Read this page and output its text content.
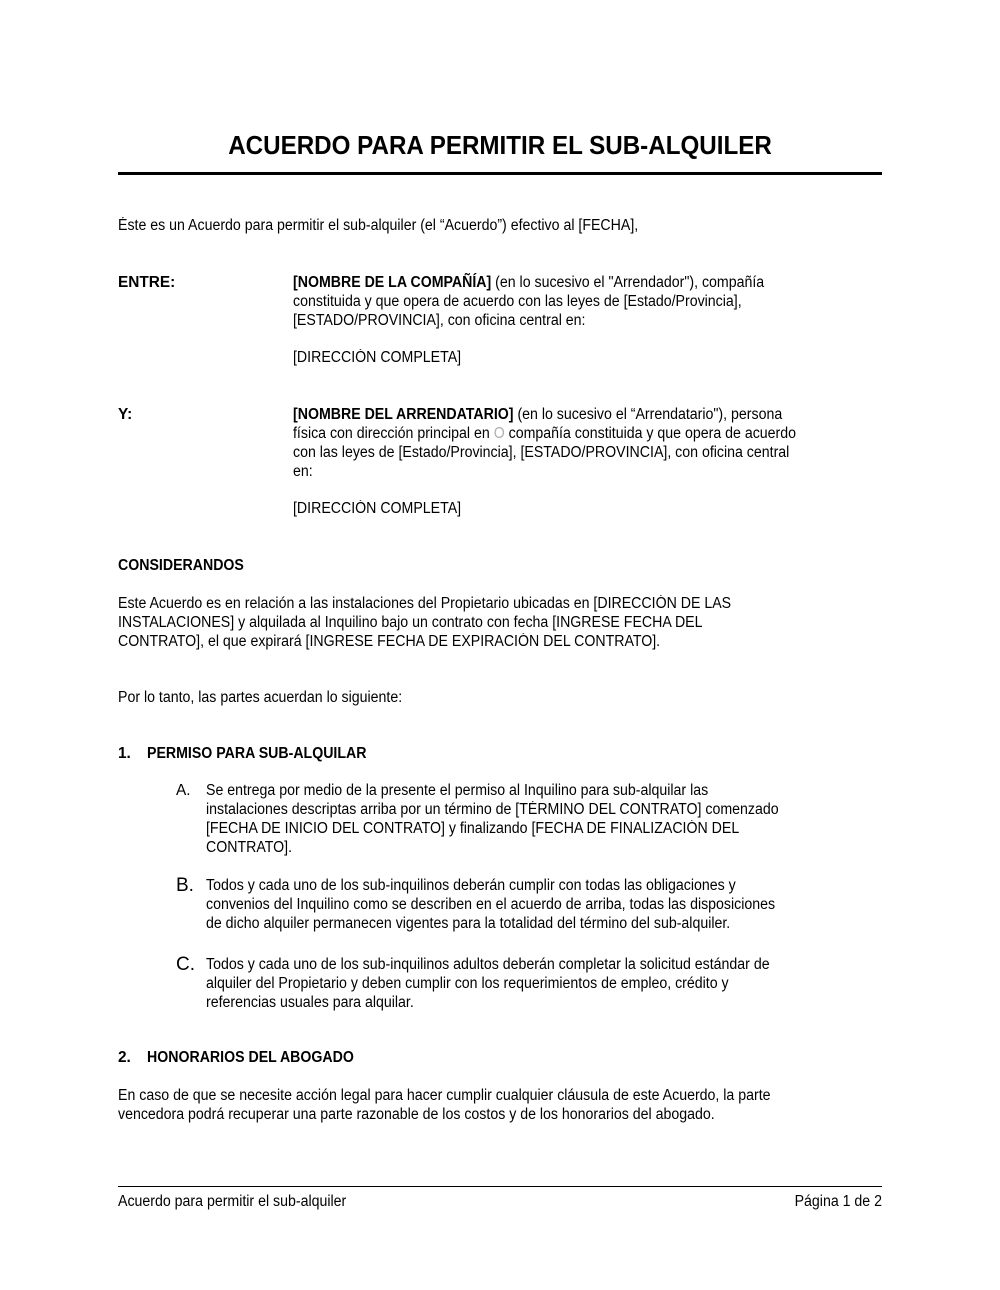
ACUERDO PARA PERMITIR EL SUB-ALQUILER
Éste es un Acuerdo para permitir el sub-alquiler (el “Acuerdo”) efectivo al [FECHA],
ENTRE:	[NOMBRE DE LA COMPAÑÍA] (en lo sucesivo el "Arrendador"), compañía
constituida y que opera de acuerdo con las leyes de [Estado/Provincia],
[ESTADO/PROVINCIA], con oficina central en:
[DIRECCIÓN COMPLETA]
Y:	[NOMBRE DEL ARRENDATARIO] (en lo sucesivo el “Arrendatario"), persona
física con dirección principal en O compañía constituida y que opera de acuerdo
con las leyes de [Estado/Provincia], [ESTADO/PROVINCIA], con oficina central
en:
[DIRECCIÓN COMPLETA]
CONSIDERANDOS
Este Acuerdo es en relación a las instalaciones del Propietario ubicadas en [DIRECCIÓN DE LAS
INSTALACIONES] y alquilada al Inquilino bajo un contrato con fecha [INGRESE FECHA DEL
CONTRATO], el que expirará [INGRESE FECHA DE EXPIRACIÓN DEL CONTRATO].
Por lo tanto, las partes acuerdan lo siguiente:
1.	PERMISO PARA SUB-ALQUILAR
A.	Se entrega por medio de la presente el permiso al Inquilino para sub-alquilar las
instalaciones descriptas arriba por un término de [TÉRMINO DEL CONTRATO] comenzado
[FECHA DE INICIO DEL CONTRATO] y finalizando [FECHA DE FINALIZACIÓN DEL
CONTRATO].
B. Todos y cada uno de los sub-inquilinos deberán cumplir con todas las obligaciones y
convenios del Inquilino como se describen en el acuerdo de arriba, todas las disposiciones
de dicho alquiler permanecen vigentes para la totalidad del término del sub-alquiler.
C. Todos y cada uno de los sub-inquilinos adultos deberán completar la solicitud estándar de
alquiler del Propietario y deben cumplir con los requerimientos de empleo, crédito y
referencias usuales para alquilar.
2.	HONORARIOS DEL ABOGADO
En caso de que se necesite acción legal para hacer cumplir cualquier cláusula de este Acuerdo, la parte
vencedora podrá recuperar una parte razonable de los costos y de los honorarios del abogado.
Acuerdo para permitir el sub-alquiler	Página 1 de 2
